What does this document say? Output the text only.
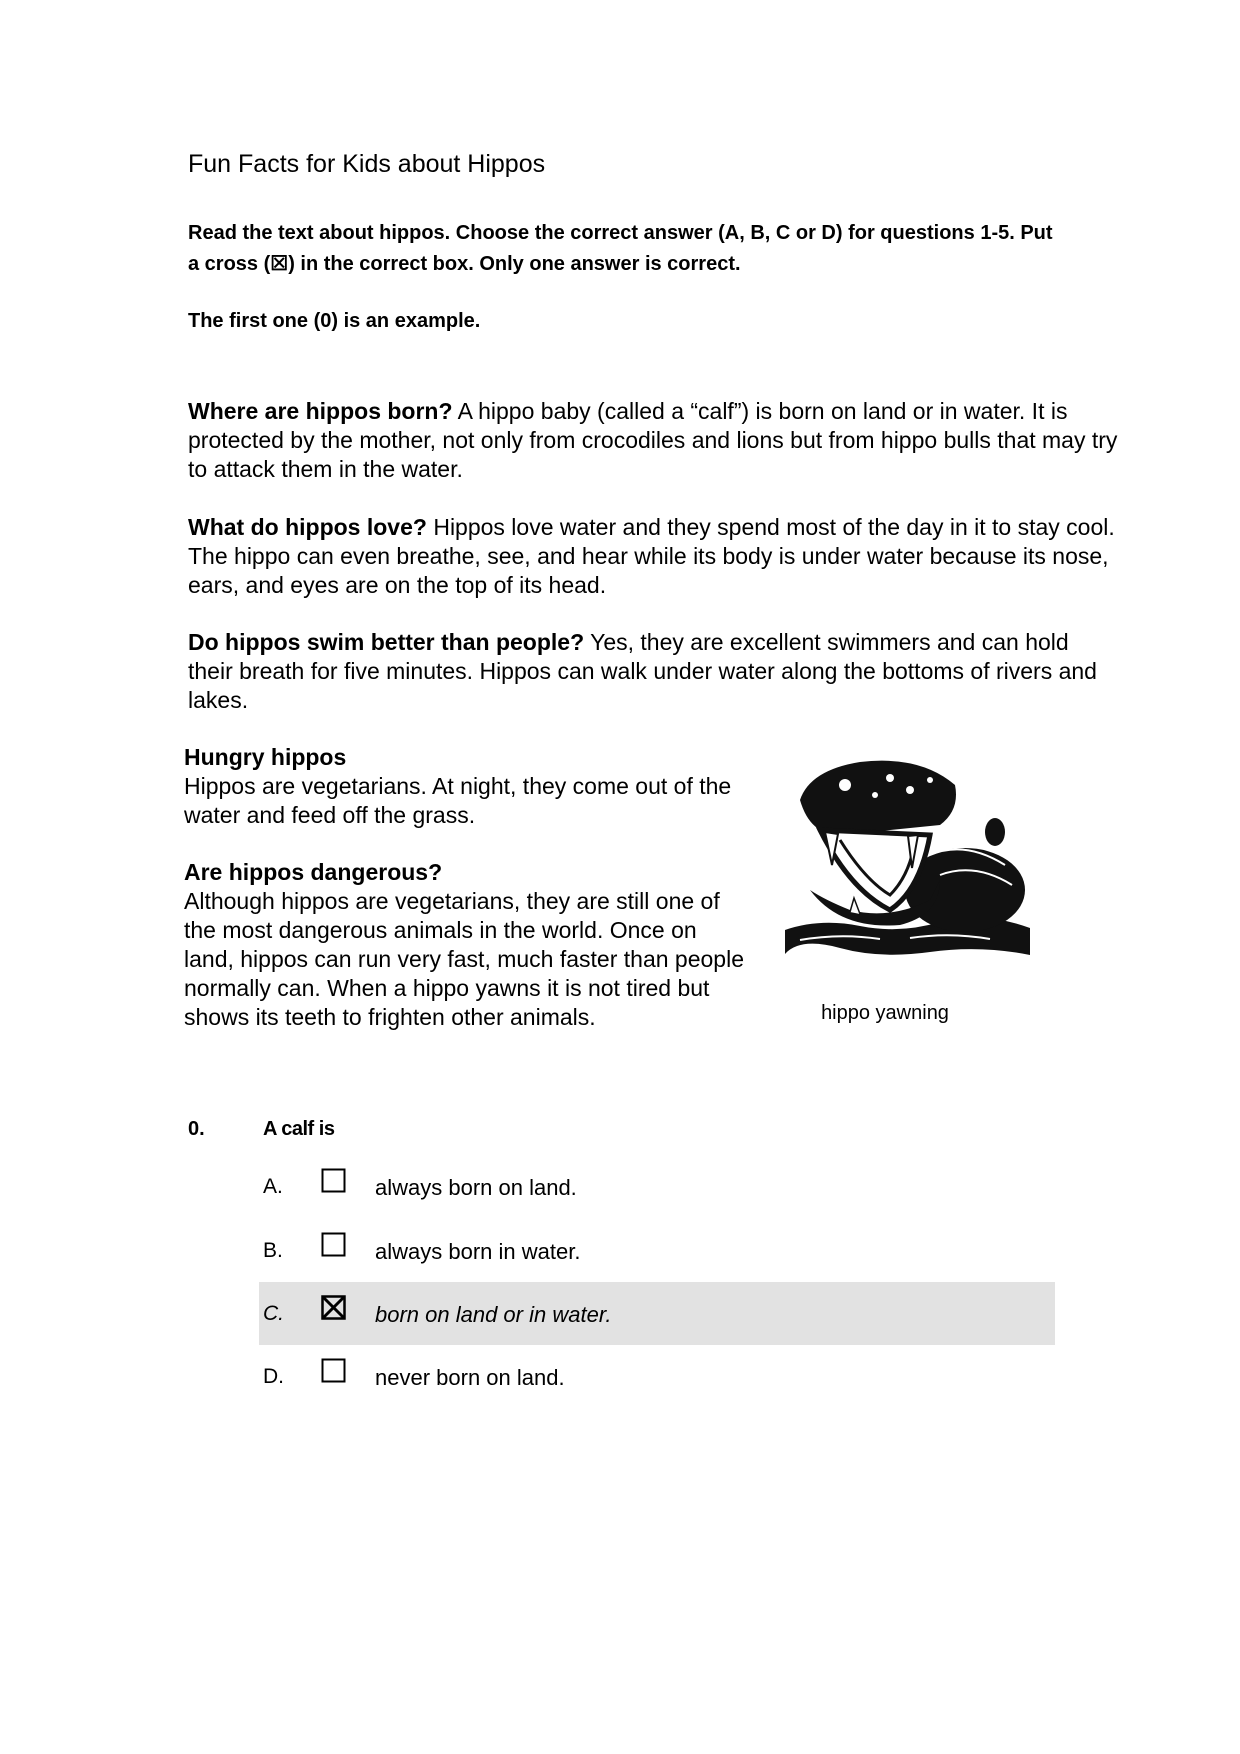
Fun Facts for Kids about Hippos
Read the text about hippos. Choose the correct answer (A, B, C or D) for questions 1-5. Put a cross (☒) in the correct box. Only one answer is correct.
The first one (0) is an example.
Where are hippos born? A hippo baby (called a “calf”) is born on land or in water. It is protected by the mother, not only from crocodiles and lions but from hippo bulls that may try to attack them in the water.
What do hippos love? Hippos love water and they spend most of the day in it to stay cool. The hippo can even breathe, see, and hear while its body is under water because its nose, ears, and eyes are on the top of its head.
Do hippos swim better than people? Yes, they are excellent swimmers and can hold their breath for five minutes. Hippos can walk under water along the bottoms of rivers and lakes.
Hungry hippos
Hippos are vegetarians. At night, they come out of the water and feed off the grass.
Are hippos dangerous?
Although hippos are vegetarians, they are still one of the most dangerous animals in the world. Once on land, hippos can run very fast, much faster than people normally can. When a hippo yawns it is not tired but shows its teeth to frighten other animals.	hippo yawning
0.	A calf is
A.	always born on land.
B.	always born in water.
C.	born on land or in water.
D.	never born on land.
